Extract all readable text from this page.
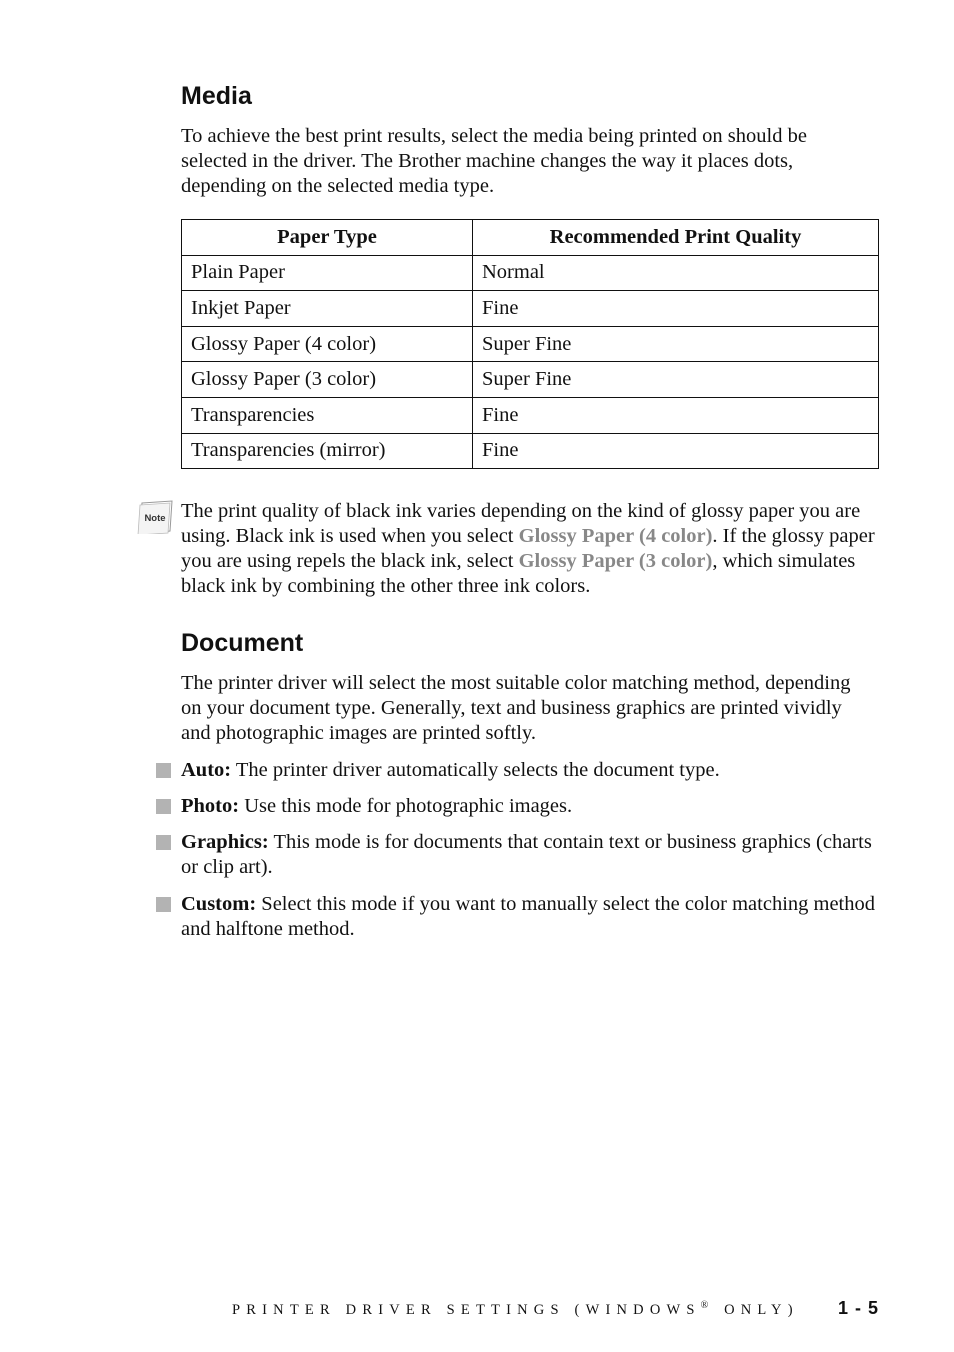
Media

To achieve the best print results, select the media being printed on should be selected in the driver. The Brother machine changes the way it places dots, depending on the selected media type.

Paper Type	Recommended Print Quality
Plain Paper	Normal
Inkjet Paper	Fine
Glossy Paper (4 color)	Super Fine
Glossy Paper (3 color)	Super Fine
Transparencies	Fine
Transparencies (mirror)	Fine
Note The print quality of black ink varies depending on the kind of glossy paper you are using. Black ink is used when you select Glossy Paper (4 color). If the glossy paper you are using repels the black ink, select Glossy Paper (3 color), which simulates black ink by combining the other three ink colors.

Document

The printer driver will select the most suitable color matching method, depending on your document type. Generally, text and business graphics are printed vividly and photographic images are printed softly.

Auto: The printer driver automatically selects the document type.

Photo: Use this mode for photographic images.

Graphics: This mode is for documents that contain text or business graphics (charts or clip art).

Custom: Select this mode if you want to manually select the color matching method and halftone method.

PRINTER DRIVER SETTINGS (WINDOWS® ONLY) 1 - 5
